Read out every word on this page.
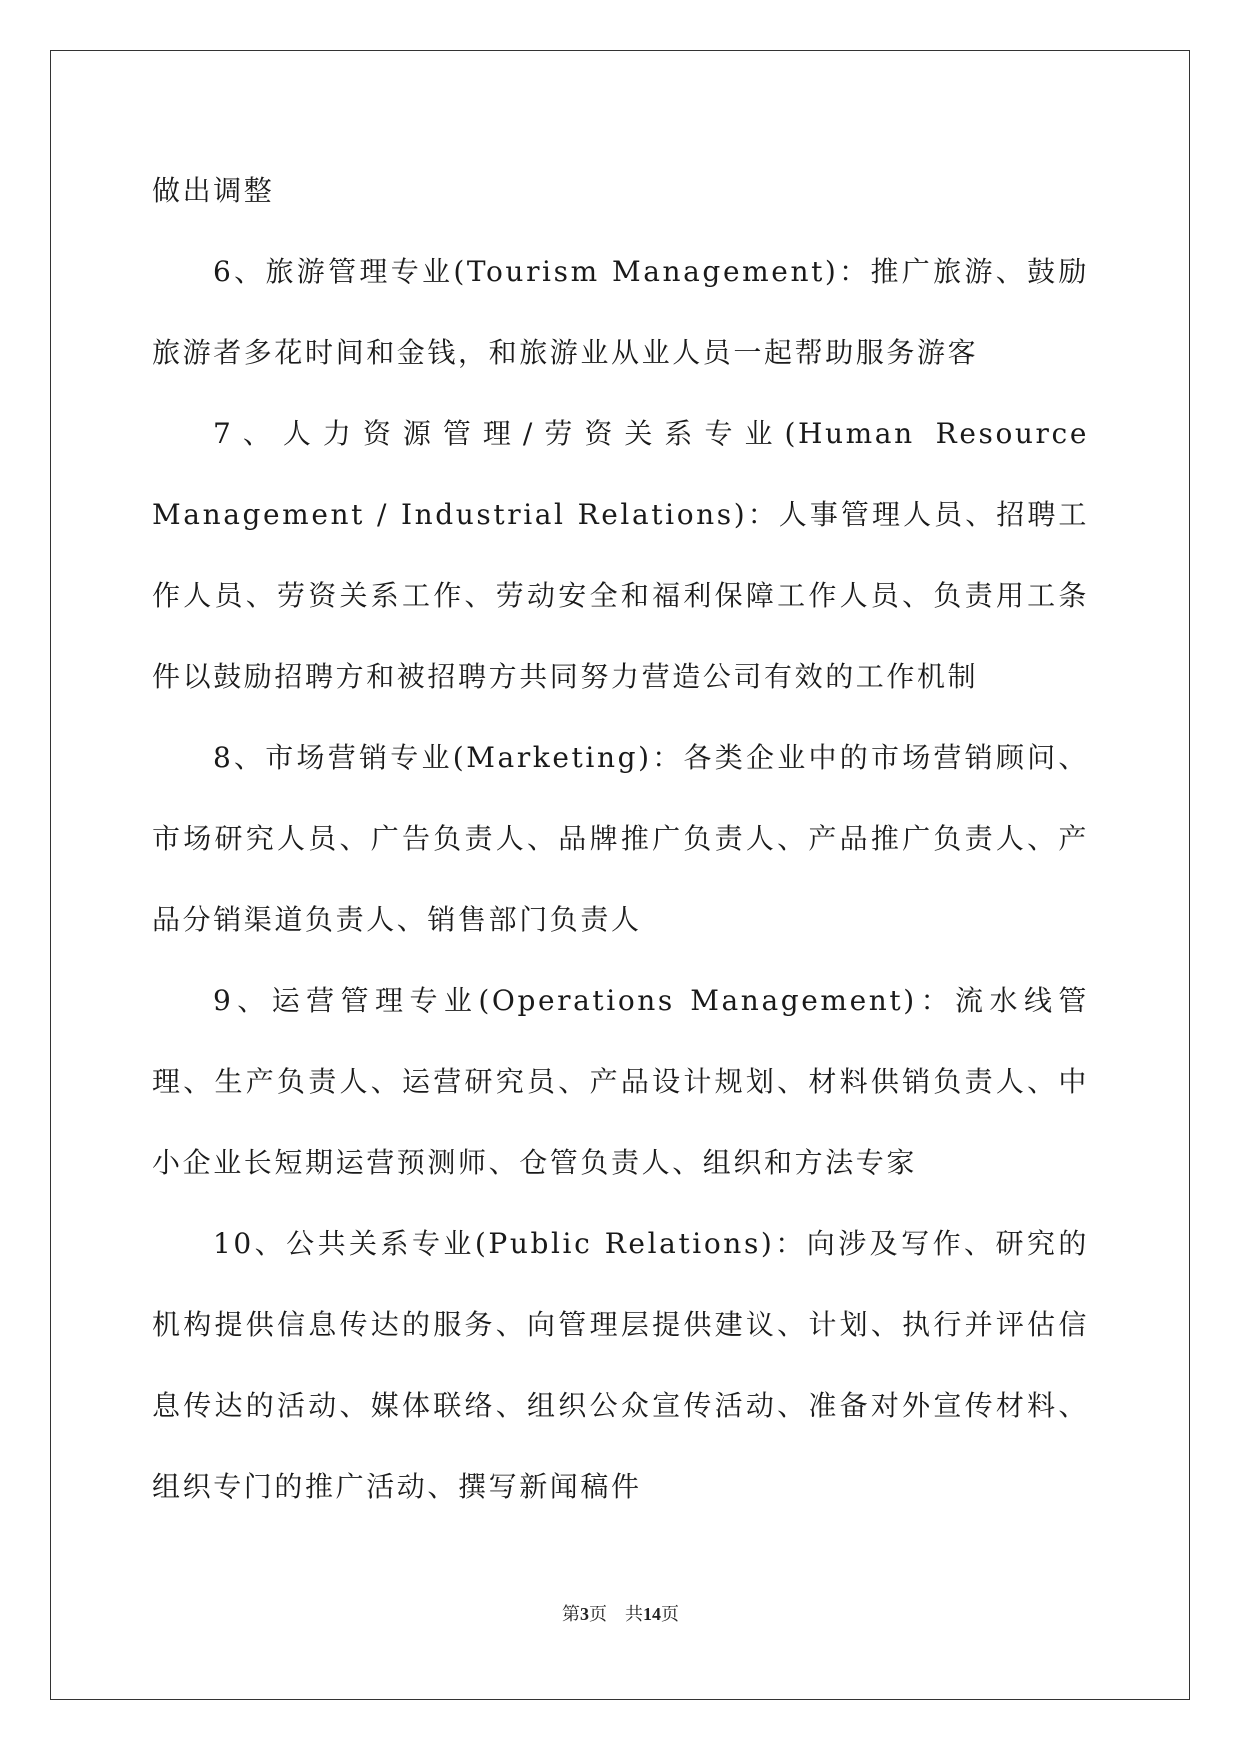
做出调整

6、旅游管理专业(Tourism Management)：推广旅游、鼓励旅游者多花时间和金钱，和旅游业从业人员一起帮助服务游客

7、人力资源管理/劳资关系专业(Human Resource Management / Industrial Relations)：人事管理人员、招聘工作人员、劳资关系工作、劳动安全和福利保障工作人员、负责用工条件以鼓励招聘方和被招聘方共同努力营造公司有效的工作机制

8、市场营销专业(Marketing)：各类企业中的市场营销顾问、市场研究人员、广告负责人、品牌推广负责人、产品推广负责人、产品分销渠道负责人、销售部门负责人

9、运营管理专业(Operations Management)：流水线管理、生产负责人、运营研究员、产品设计规划、材料供销负责人、中小企业长短期运营预测师、仓管负责人、组织和方法专家

10、公共关系专业(Public Relations)：向涉及写作、研究的机构提供信息传达的服务、向管理层提供建议、计划、执行并评估信息传达的活动、媒体联络、组织公众宣传活动、准备对外宣传材料、组织专门的推广活动、撰写新闻稿件

第3页 共14页
